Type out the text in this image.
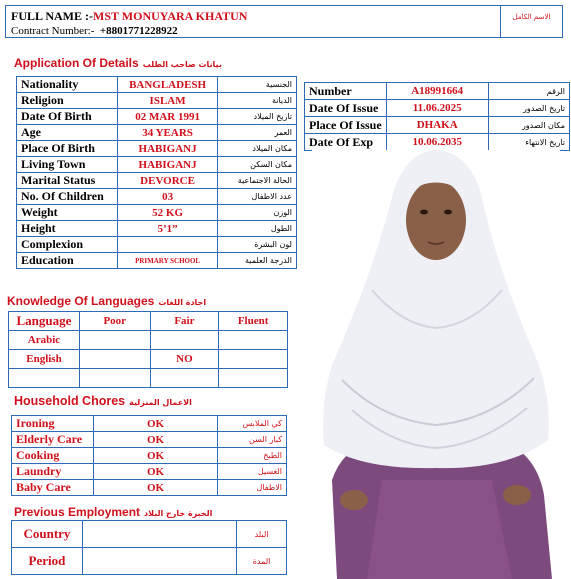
FULL NAME :-MST MONUYARA KHATUN
Contract Number:- +8801771228922
الاسم الكامل
Application Of Details بيانات صاحب الطلب
Nationality	BANGLADESH	الجنسية
Religion	ISLAM	الديانة
Date Of Birth	02 MAR 1991	تاريخ الميلاد
Age	34 YEARS	العمر
Place Of Birth	HABIGANJ	مكان الميلاد
Living Town	HABIGANJ	مكان السكن
Marital Status	DEVORCE	الحالة الاجتماعية
No. Of Children	03	عدد الاطفال
Weight	52 KG	الوزن
Height	5’1”	الطول
Complexion		لون البشرة
Education	PRIMARY SCHOOL	الدرجة العلمية
Number	A18991664	الرقم
Date Of Issue	11.06.2025	تاريخ الصدور
Place Of Issue	DHAKA	مكان الصدور
Date Of Exp	10.06.2035	تاريخ الانتهاء
Knowledge Of Languages اجادة اللغات
Language	Poor	Fair	Fluent
Arabic			
English		NO	

Household Chores الاعمال المنزلية
Ironing	OK	كي الملابس
Elderly Care	OK	كبار السن
Cooking	OK	الطبخ
Laundry	OK	الغسيل
Baby Care	OK	الاطفال
Previous Employment الخبرة خارج البلاد
Country		البلد
Period		المدة
